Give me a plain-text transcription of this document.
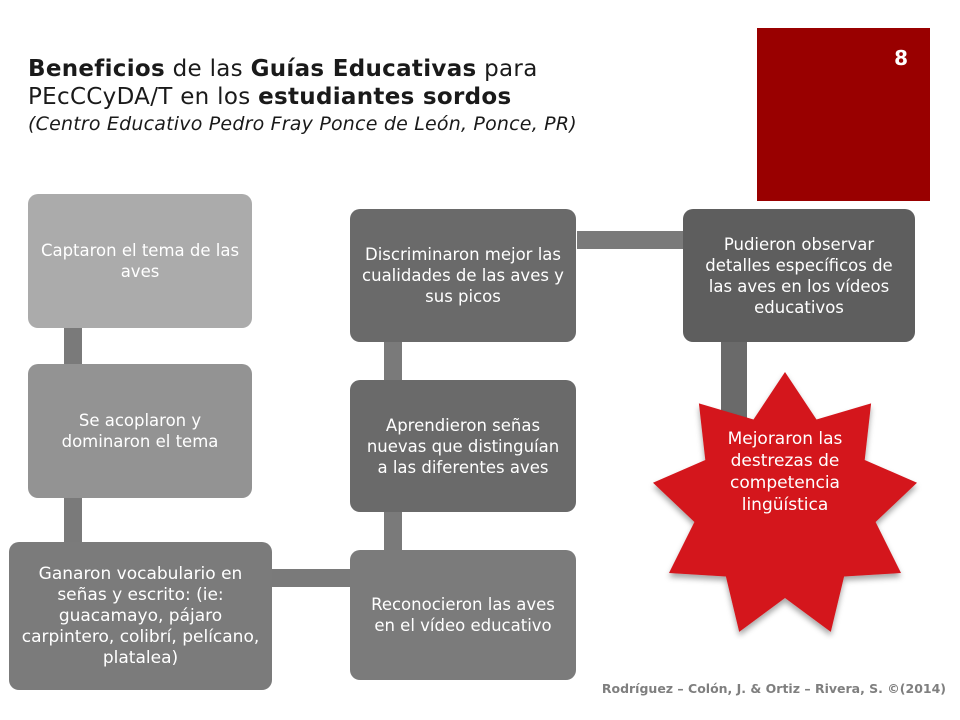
Beneficios de las Guías Educativas para
PEcCCyDA/T en los estudiantes sordos
(Centro Educativo Pedro Fray Ponce de León, Ponce, PR)
8
Captaron el tema de las aves
Se acoplaron y dominaron el tema
Ganaron vocabulario en señas y escrito: (ie: guacamayo, pájaro carpintero, colibrí, pelícano, platalea)
Reconocieron las aves en el vídeo educativo
Aprendieron señas nuevas que distinguían a las diferentes aves
Discriminaron mejor las cualidades de las aves y sus picos
Pudieron observar detalles específicos de las aves en los vídeos educativos
Mejoraron las destrezas de competencia lingüística
Rodríguez – Colón, J. & Ortiz – Rivera, S. ©(2014)
